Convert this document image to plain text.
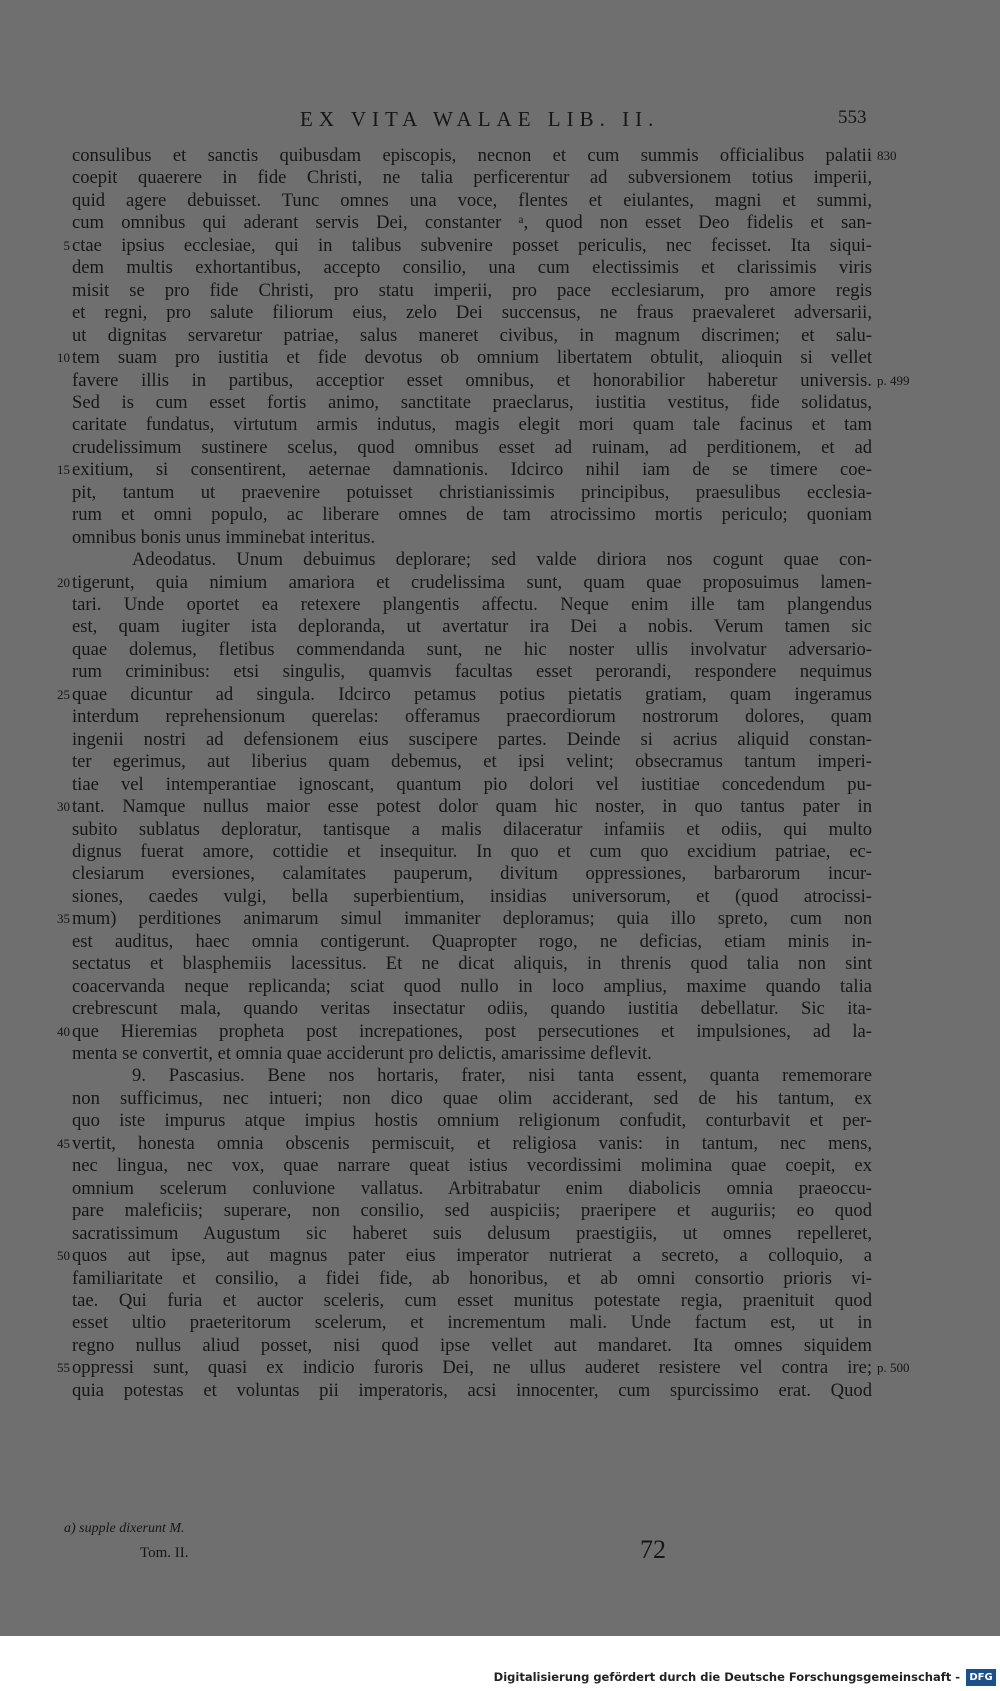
EX VITA WALAE LIB. II.	553
consulibus et sanctis quibusdam episcopis, necnon et cum summis officialibus palatii
coepit quaerere in fide Christi, ne talia perficerentur ad subversionem totius imperii,
quid agere debuisset. Tunc omnes una voce, flentes et eiulantes, magni et summi,
cum omnibus qui aderant servis Dei, constanter ᵃ, quod non esset Deo fidelis et san-
ctae ipsius ecclesiae, qui in talibus subvenire posset periculis, nec fecisset. Ita siqui-
dem multis exhortantibus, accepto consilio, una cum electissimis et clarissimis viris
misit se pro fide Christi, pro statu imperii, pro pace ecclesiarum, pro amore regis
et regni, pro salute filiorum eius, zelo Dei succensus, ne fraus praevaleret adversarii,
ut dignitas servaretur patriae, salus maneret civibus, in magnum discrimen; et salu-
tem suam pro iustitia et fide devotus ob omnium libertatem obtulit, alioquin si vellet
favere illis in partibus, acceptior esset omnibus, et honorabilior haberetur universis.
Sed is cum esset fortis animo, sanctitate praeclarus, iustitia vestitus, fide solidatus,
caritate fundatus, virtutum armis indutus, magis elegit mori quam tale facinus et tam
crudelissimum sustinere scelus, quod omnibus esset ad ruinam, ad perditionem, et ad
exitium, si consentirent, aeternae damnationis. Idcirco nihil iam de se timere coe-
pit, tantum ut praevenire potuisset christianissimis principibus, praesulibus ecclesia-
rum et omni populo, ac liberare omnes de tam atrocissimo mortis periculo; quoniam
omnibus bonis unus imminebat interitus.
Adeodatus. Unum debuimus deplorare; sed valde diriora nos cogunt quae con-
tigerunt, quia nimium amariora et crudelissima sunt, quam quae proposuimus lamen-
tari. Unde oportet ea retexere plangentis affectu. Neque enim ille tam plangendus
est, quam iugiter ista deploranda, ut avertatur ira Dei a nobis. Verum tamen sic
quae dolemus, fletibus commendanda sunt, ne hic noster ullis involvatur adversario-
rum criminibus: etsi singulis, quamvis facultas esset perorandi, respondere nequimus
quae dicuntur ad singula. Idcirco petamus potius pietatis gratiam, quam ingeramus
interdum reprehensionum querelas: offeramus praecordiorum nostrorum dolores, quam
ingenii nostri ad defensionem eius suscipere partes. Deinde si acrius aliquid constan-
ter egerimus, aut liberius quam debemus, et ipsi velint; obsecramus tantum imperi-
tiae vel intemperantiae ignoscant, quantum pio dolori vel iustitiae concedendum pu-
tant. Namque nullus maior esse potest dolor quam hic noster, in quo tantus pater in
subito sublatus deploratur, tantisque a malis dilaceratur infamiis et odiis, qui multo
dignus fuerat amore, cottidie et insequitur. In quo et cum quo excidium patriae, ec-
clesiarum eversiones, calamitates pauperum, divitum oppressiones, barbarorum incur-
siones, caedes vulgi, bella superbientium, insidias universorum, et (quod atrocissi-
mum) perditiones animarum simul immaniter deploramus; quia illo spreto, cum non
est auditus, haec omnia contigerunt. Quapropter rogo, ne deficias, etiam minis in-
sectatus et blasphemiis lacessitus. Et ne dicat aliquis, in threnis quod talia non sint
coacervanda neque replicanda; sciat quod nullo in loco amplius, maxime quando talia
crebrescunt mala, quando veritas insectatur odiis, quando iustitia debellatur. Sic ita-
que Hieremias propheta post increpationes, post persecutiones et impulsiones, ad la-
menta se convertit, et omnia quae acciderunt pro delictis, amarissime deflevit.
9. Pascasius. Bene nos hortaris, frater, nisi tanta essent, quanta rememorare
non sufficimus, nec intueri; non dico quae olim acciderant, sed de his tantum, ex
quo iste impurus atque impius hostis omnium religionum confudit, conturbavit et per-
vertit, honesta omnia obscenis permiscuit, et religiosa vanis: in tantum, nec mens,
nec lingua, nec vox, quae narrare queat istius vecordissimi molimina quae coepit, ex
omnium scelerum conluvione vallatus. Arbitrabatur enim diabolicis omnia praeoccu-
pare maleficiis; superare, non consilio, sed auspiciis; praeripere et auguriis; eo quod
sacratissimum Augustum sic haberet suis delusum praestigiis, ut omnes repelleret,
quos aut ipse, aut magnus pater eius imperator nutrierat a secreto, a colloquio, a
familiaritate et consilio, a fidei fide, ab honoribus, et ab omni consortio prioris vi-
tae. Qui furia et auctor sceleris, cum esset munitus potestate regia, praenituit quod
esset ultio praeteritorum scelerum, et incrementum mali. Unde factum est, ut in
regno nullus aliud posset, nisi quod ipse vellet aut mandaret. Ita omnes siquidem
oppressi sunt, quasi ex indicio furoris Dei, ne ullus auderet resistere vel contra ire;
quia potestas et voluntas pii imperatoris, acsi innocenter, cum spurcissimo erat. Quod
5
10
15
20
25
30
35
40
45
50
55
830
p. 499
p. 500
a) supple dixerunt M.
Tom. II.	72
Digitalisierung gefördert durch die Deutsche Forschungsgemeinschaft - DFG
